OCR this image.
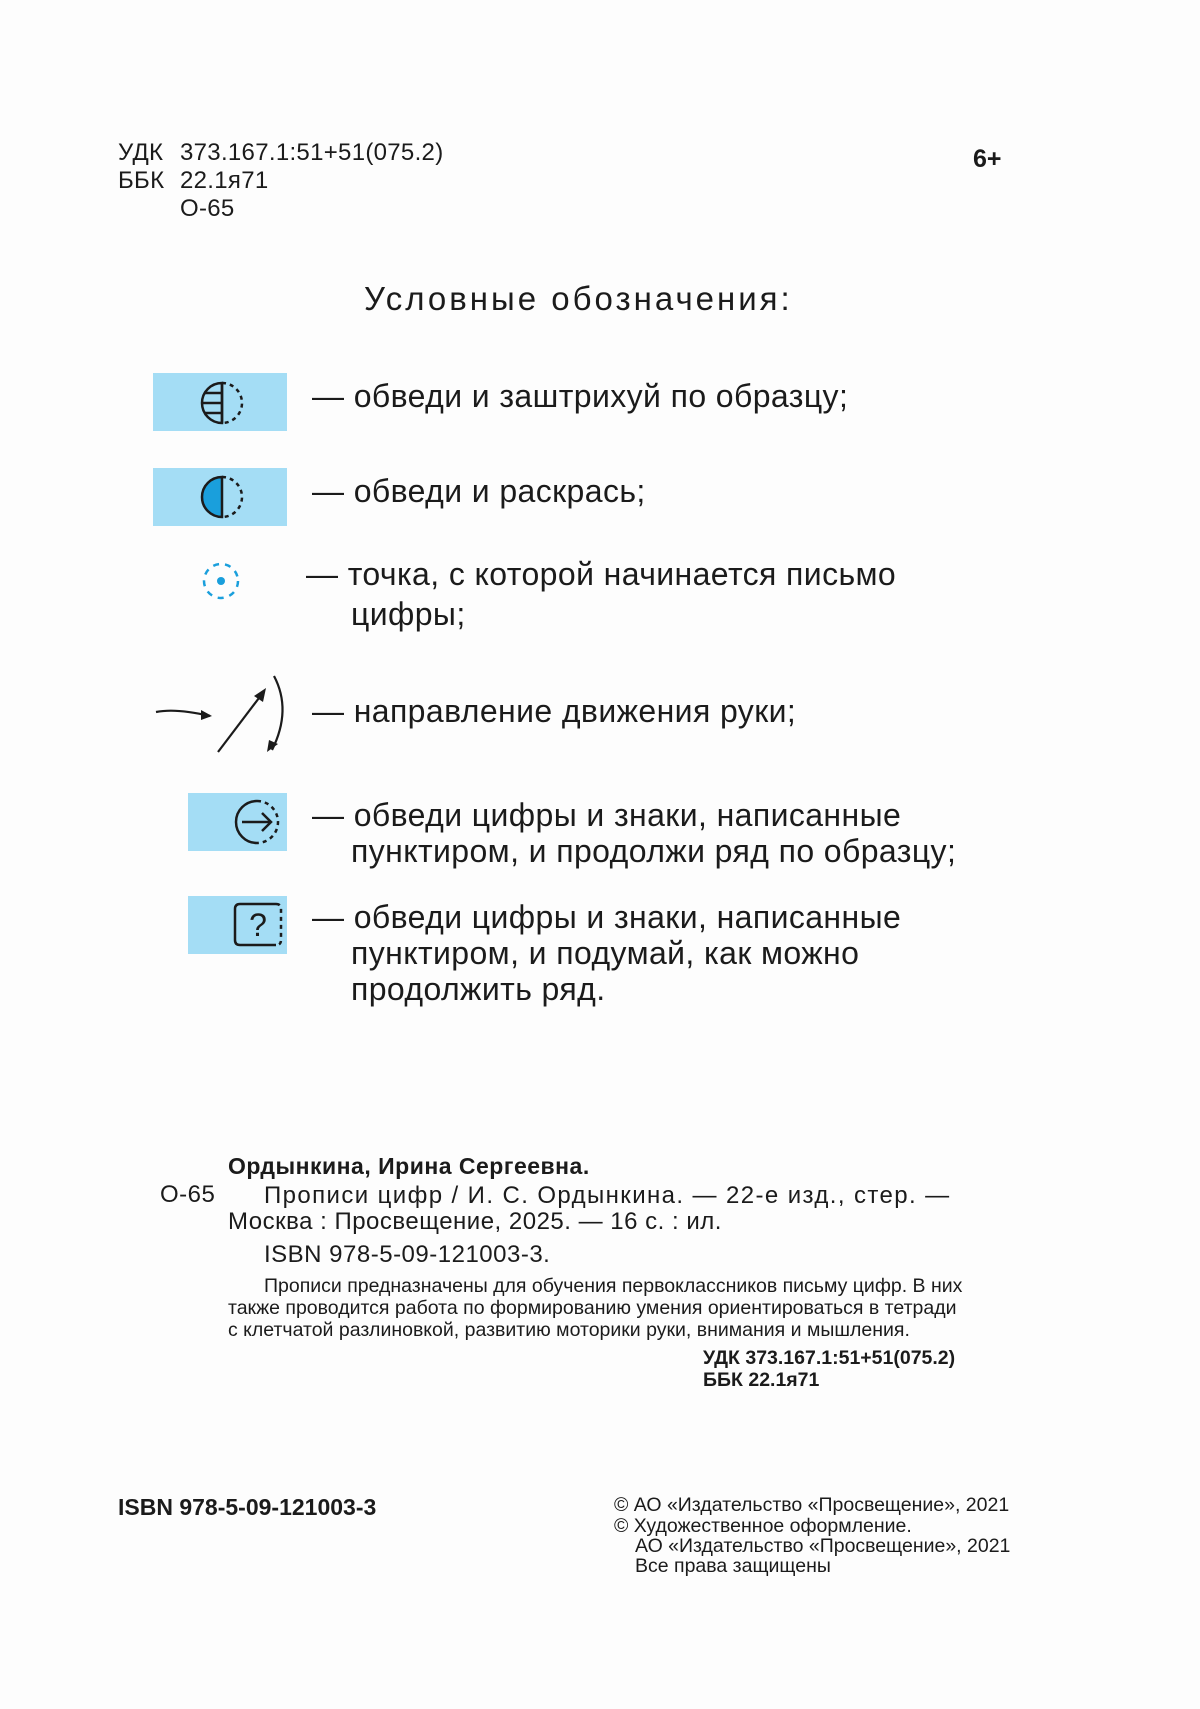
УДК 373.167.1:51+51(075.2)
ББК 22.1я71
О-65
6+
Условные обозначения:
— обведи и заштрихуй по образцу;
— обведи и раскрась;
— точка, с которой начинается письмо
цифры;
— направление движения руки;
— обведи цифры и знаки, написанные
пунктиром, и продолжи ряд по образцу;
? — обведи цифры и знаки, написанные
пунктиром, и подумай, как можно
продолжить ряд.
Ордынкина, Ирина Сергеевна.
О-65 Прописи цифр / И. С. Ордынкина. — 22-е изд., стер. —
Москва : Просвещение, 2025. — 16 с. : ил.
ISBN 978-5-09-121003-3.
Прописи предназначены для обучения первоклассников письму цифр. В них
также проводится работа по формированию умения ориентироваться в тетради
с клетчатой разлиновкой, развитию моторики руки, внимания и мышления.
УДК 373.167.1:51+51(075.2)
ББК 22.1я71
ISBN 978-5-09-121003-3	© АО «Издательство «Просвещение», 2021
© Художественное оформление.
АО «Издательство «Просвещение», 2021
Все права защищены
